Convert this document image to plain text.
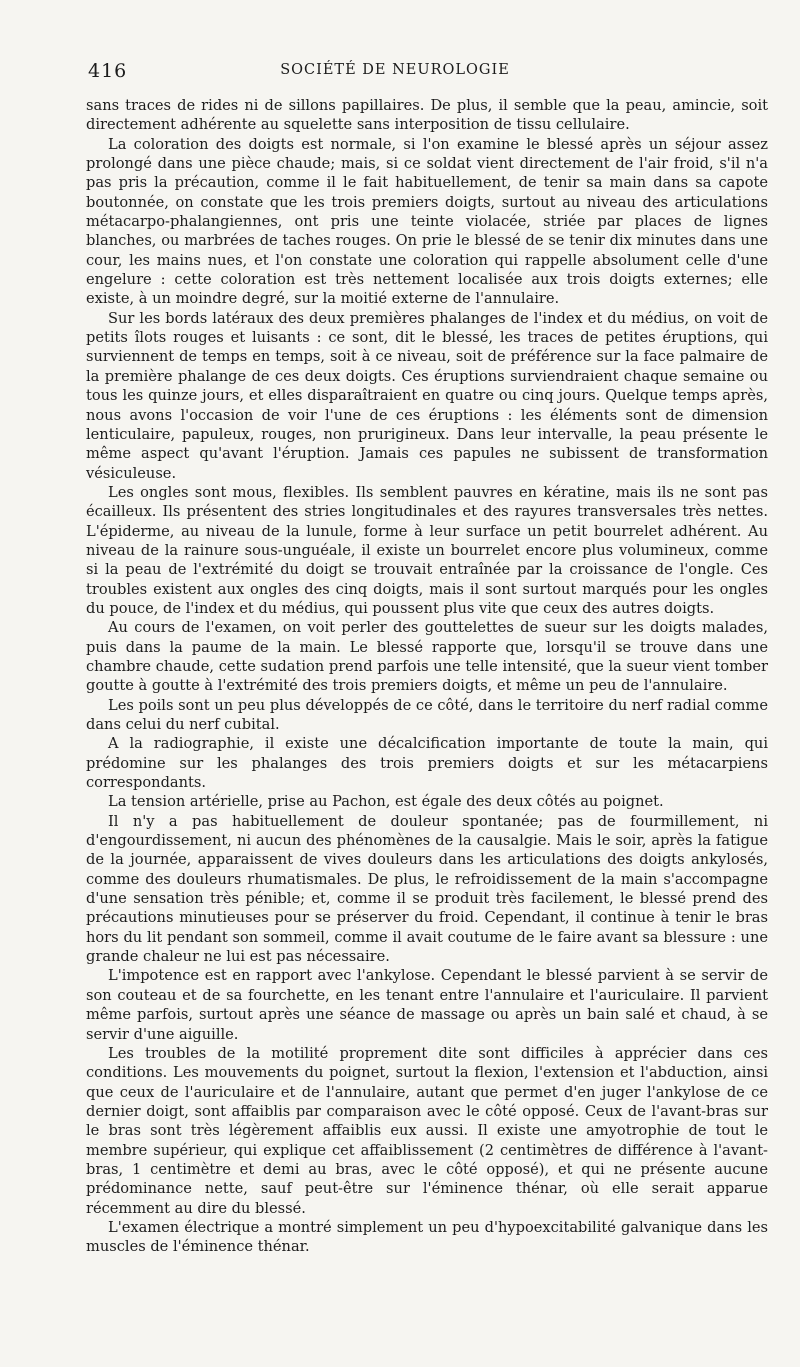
416	SOCIÉTÉ DE NEUROLOGIE

sans traces de rides ni de sillons papillaires. De plus, il semble que la peau, amincie, soit directement adhérente au squelette sans interposition de tissu cellulaire.

La coloration des doigts est normale, si l'on examine le blessé après un séjour assez prolongé dans une pièce chaude; mais, si ce soldat vient directement de l'air froid, s'il n'a pas pris la précaution, comme il le fait habituellement, de tenir sa main dans sa capote boutonnée, on constate que les trois premiers doigts, surtout au niveau des articulations métacarpo-phalangiennes, ont pris une teinte violacée, striée par places de lignes blanches, ou marbrées de taches rouges. On prie le blessé de se tenir dix minutes dans une cour, les mains nues, et l'on constate une coloration qui rappelle absolument celle d'une engelure : cette coloration est très nettement localisée aux trois doigts externes; elle existe, à un moindre degré, sur la moitié externe de l'annulaire.

Sur les bords latéraux des deux premières phalanges de l'index et du médius, on voit de petits îlots rouges et luisants : ce sont, dit le blessé, les traces de petites éruptions, qui surviennent de temps en temps, soit à ce niveau, soit de préférence sur la face palmaire de la première phalange de ces deux doigts. Ces éruptions surviendraient chaque semaine ou tous les quinze jours, et elles disparaîtraient en quatre ou cinq jours. Quelque temps après, nous avons l'occasion de voir l'une de ces éruptions : les éléments sont de dimension lenticulaire, papuleux, rouges, non prurigineux. Dans leur intervalle, la peau présente le même aspect qu'avant l'éruption. Jamais ces papules ne subissent de transformation vésiculeuse.

Les ongles sont mous, flexibles. Ils semblent pauvres en kératine, mais ils ne sont pas écailleux. Ils présentent des stries longitudinales et des rayures transversales très nettes. L'épiderme, au niveau de la lunule, forme à leur surface un petit bourrelet adhérent. Au niveau de la rainure sous-unguéale, il existe un bourrelet encore plus volumineux, comme si la peau de l'extrémité du doigt se trouvait entraînée par la croissance de l'ongle. Ces troubles existent aux ongles des cinq doigts, mais il sont surtout marqués pour les ongles du pouce, de l'index et du médius, qui poussent plus vite que ceux des autres doigts.

Au cours de l'examen, on voit perler des gouttelettes de sueur sur les doigts malades, puis dans la paume de la main. Le blessé rapporte que, lorsqu'il se trouve dans une chambre chaude, cette sudation prend parfois une telle intensité, que la sueur vient tomber goutte à goutte à l'extrémité des trois premiers doigts, et même un peu de l'annulaire.

Les poils sont un peu plus développés de ce côté, dans le territoire du nerf radial comme dans celui du nerf cubital.

A la radiographie, il existe une décalcification importante de toute la main, qui prédomine sur les phalanges des trois premiers doigts et sur les métacarpiens correspondants.

La tension artérielle, prise au Pachon, est égale des deux côtés au poignet.

Il n'y a pas habituellement de douleur spontanée; pas de fourmillement, ni d'engourdissement, ni aucun des phénomènes de la causalgie. Mais le soir, après la fatigue de la journée, apparaissent de vives douleurs dans les articulations des doigts ankylosés, comme des douleurs rhumatismales. De plus, le refroidissement de la main s'accompagne d'une sensation très pénible; et, comme il se produit très facilement, le blessé prend des précautions minutieuses pour se préserver du froid. Cependant, il continue à tenir le bras hors du lit pendant son sommeil, comme il avait coutume de le faire avant sa blessure : une grande chaleur ne lui est pas nécessaire.

L'impotence est en rapport avec l'ankylose. Cependant le blessé parvient à se servir de son couteau et de sa fourchette, en les tenant entre l'annulaire et l'auriculaire. Il parvient même parfois, surtout après une séance de massage ou après un bain salé et chaud, à se servir d'une aiguille.

Les troubles de la motilité proprement dite sont difficiles à apprécier dans ces conditions. Les mouvements du poignet, surtout la flexion, l'extension et l'abduction, ainsi que ceux de l'auriculaire et de l'annulaire, autant que permet d'en juger l'ankylose de ce dernier doigt, sont affaiblis par comparaison avec le côté opposé. Ceux de l'avant-bras sur le bras sont très légèrement affaiblis eux aussi. Il existe une amyotrophie de tout le membre supérieur, qui explique cet affaiblissement (2 centimètres de différence à l'avant-bras, 1 centimètre et demi au bras, avec le côté opposé), et qui ne présente aucune prédominance nette, sauf peut-être sur l'éminence thénar, où elle serait apparue récemment au dire du blessé.

L'examen électrique a montré simplement un peu d'hypoexcitabilité galvanique dans les muscles de l'éminence thénar.
